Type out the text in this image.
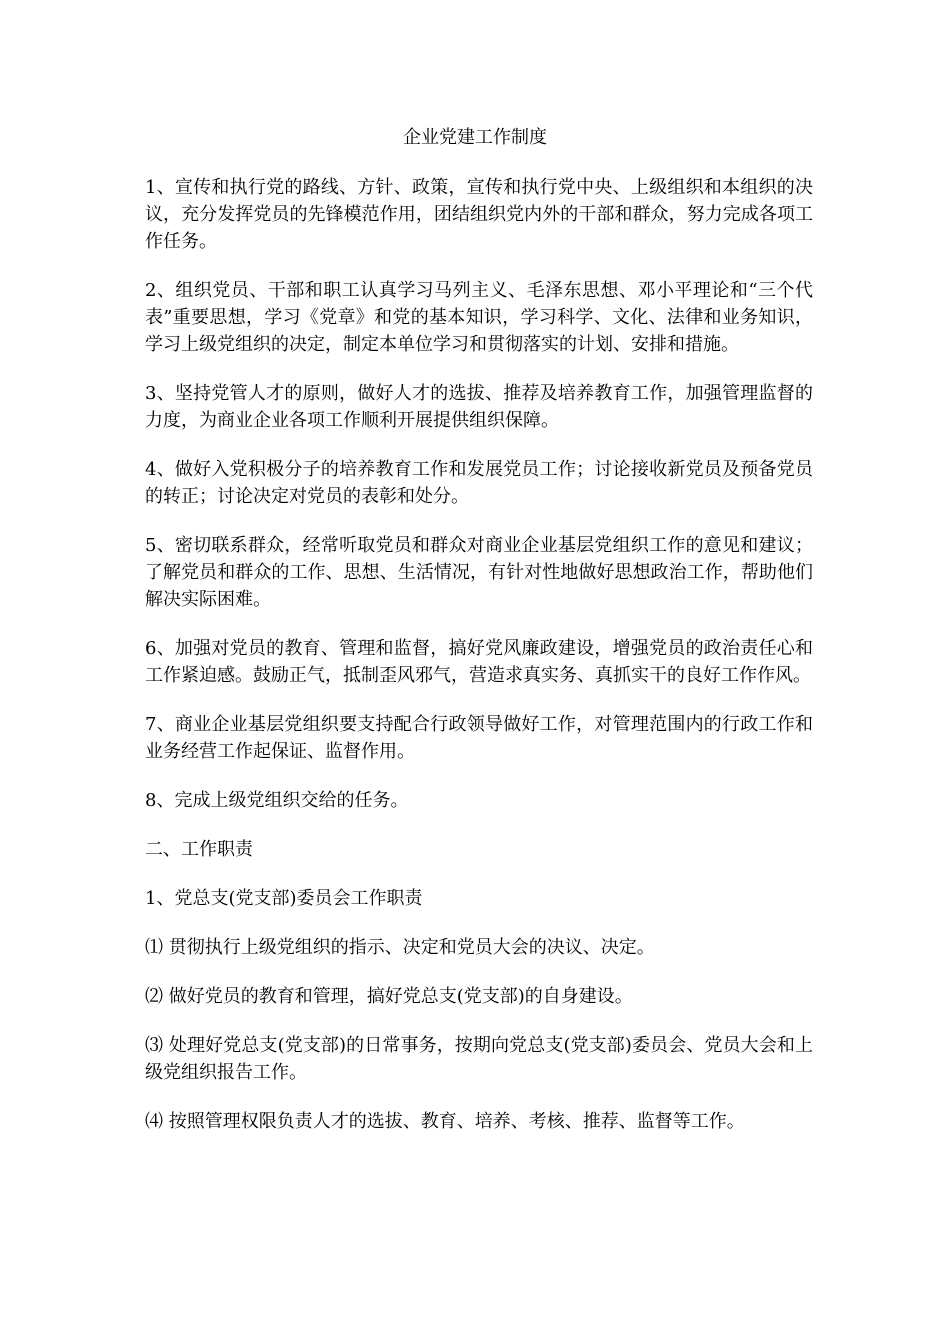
企业党建工作制度

1、宣传和执行党的路线、方针、政策，宣传和执行党中央、上级组织和本组织的决议，充分发挥党员的先锋模范作用，团结组织党内外的干部和群众，努力完成各项工作任务。

2、组织党员、干部和职工认真学习马列主义、毛泽东思想、邓小平理论和“三个代表”重要思想，学习《党章》和党的基本知识，学习科学、文化、法律和业务知识，学习上级党组织的决定，制定本单位学习和贯彻落实的计划、安排和措施。

3、坚持党管人才的原则，做好人才的选拔、推荐及培养教育工作，加强管理监督的力度，为商业企业各项工作顺利开展提供组织保障。

4、做好入党积极分子的培养教育工作和发展党员工作；讨论接收新党员及预备党员的转正；讨论决定对党员的表彰和处分。

5、密切联系群众，经常听取党员和群众对商业企业基层党组织工作的意见和建议；了解党员和群众的工作、思想、生活情况，有针对性地做好思想政治工作，帮助他们解决实际困难。

6、加强对党员的教育、管理和监督，搞好党风廉政建设，增强党员的政治责任心和工作紧迫感。鼓励正气，抵制歪风邪气，营造求真实务、真抓实干的良好工作作风。

7、商业企业基层党组织要支持配合行政领导做好工作，对管理范围内的行政工作和业务经营工作起保证、监督作用。

8、完成上级党组织交给的任务。

二、工作职责

1、党总支(党支部)委员会工作职责

⑴ 贯彻执行上级党组织的指示、决定和党员大会的决议、决定。

⑵ 做好党员的教育和管理，搞好党总支(党支部)的自身建设。

⑶ 处理好党总支(党支部)的日常事务，按期向党总支(党支部)委员会、党员大会和上级党组织报告工作。

⑷ 按照管理权限负责人才的选拔、教育、培养、考核、推荐、监督等工作。
